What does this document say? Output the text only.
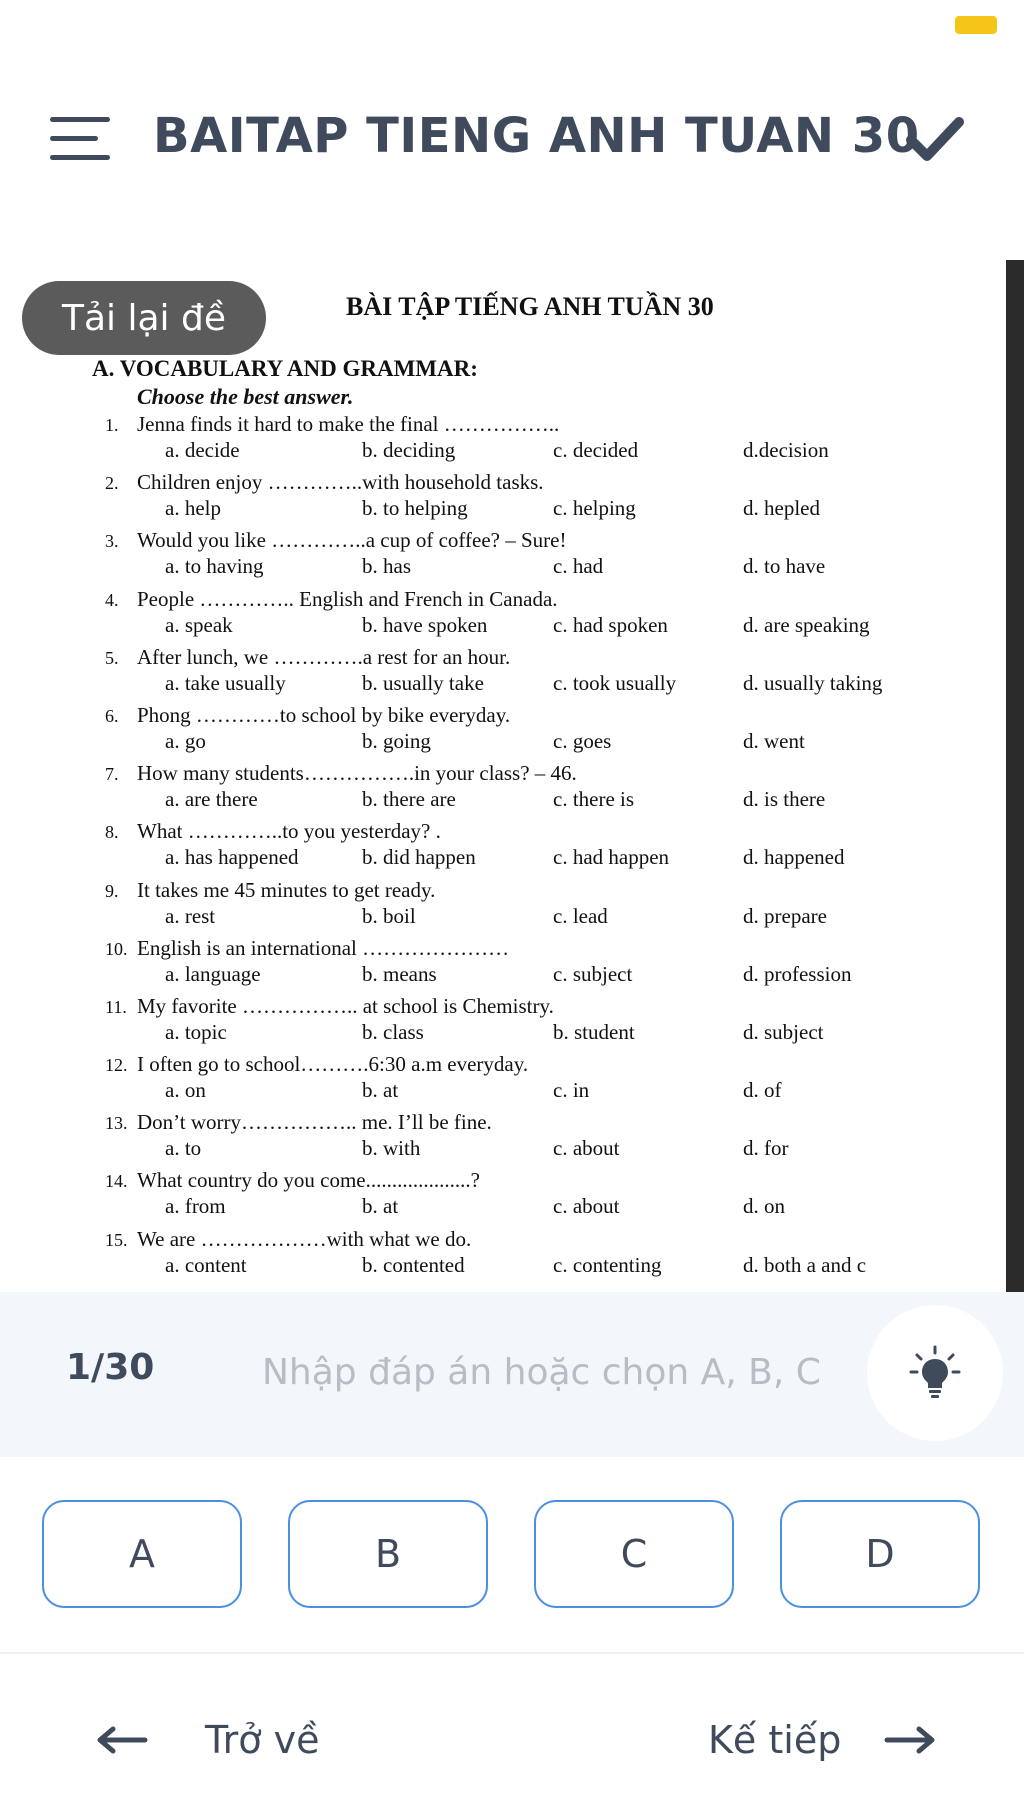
BAITAP TIENG ANH TUAN 30
BÀI TẬP TIẾNG ANH TUẦN 30
A. VOCABULARY AND GRAMMAR:
Choose the best answer.
1. Jenna finds it hard to make the final ……………..
a. decide	b. deciding	c. decided	d.decision
2. Children enjoy …………..with household tasks.
a. help	b. to helping	c. helping	d. hepled
3. Would you like …………..a cup of coffee? – Sure!
a. to having	b. has	c. had	d. to have
4. People ………….. English and French in Canada.
a. speak	b. have spoken	c. had spoken	d. are speaking
5. After lunch, we ………….a rest for an hour.
a. take usually	b. usually take	c. took usually	d. usually taking
6. Phong …………to school by bike everyday.
a. go	b. going	c. goes	d. went
7. How many students…………….in your class? – 46.
a. are there	b. there are	c. there is	d. is there
8. What …………..to you yesterday? .
a. has happened	b. did happen	c. had happen	d. happened
9. It takes me 45 minutes to get ready.
a. rest	b. boil	c. lead	d. prepare
10. English is an international …………………
a. language	b. means	c. subject	d. profession
11. My favorite …………….. at school is Chemistry.
a. topic	b. class	b. student	d. subject
12. I often go to school……….6:30 a.m everyday.
a. on	b. at	c. in	d. of
13. Don’t worry…………….. me. I’ll be fine.
a. to	b. with	c. about	d. for
14. What country do you come....................?
a. from	b. at	c. about	d. on
15. We are ………………with what we do.
a. content	b. contented	c. contenting	d. both a and c
Tải lại đề
1/30
Nhập đáp án hoặc chọn A, B, C
A	B	C	D
Trở về	Kế tiếp
